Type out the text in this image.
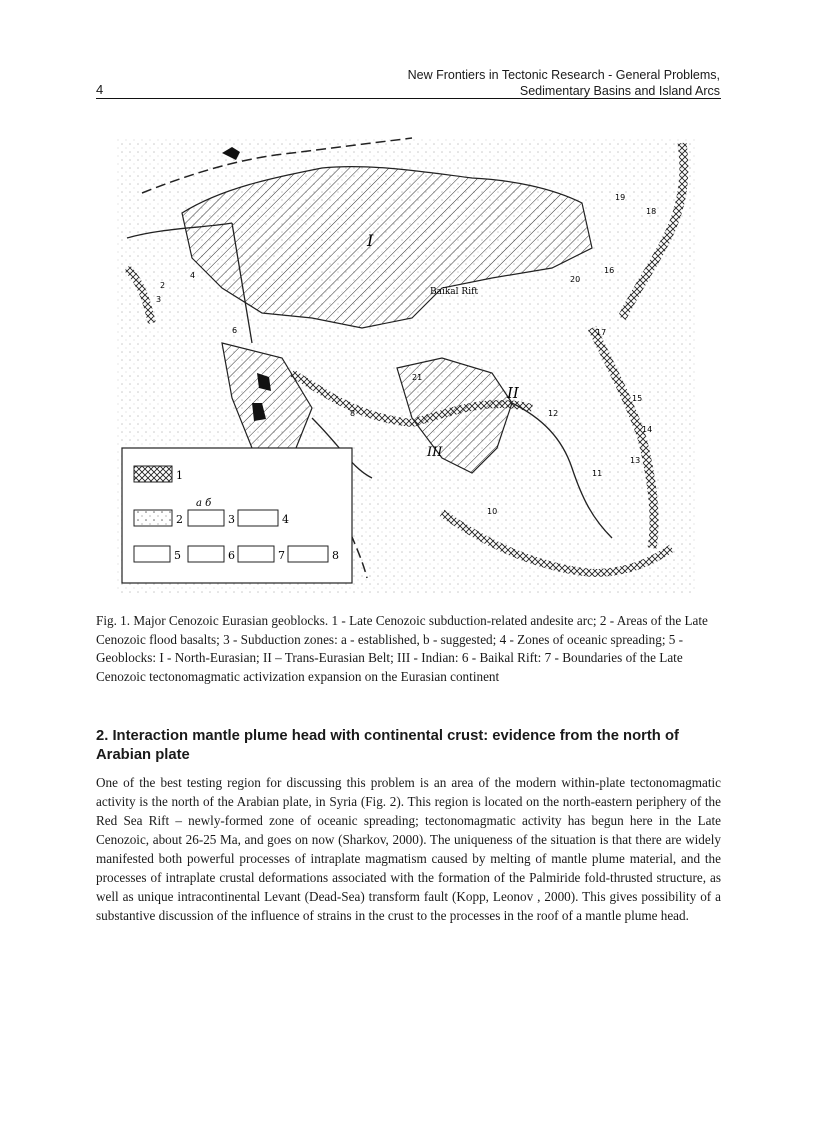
New Frontiers in Tectonic Research - General Problems,
Sedimentary Basins and Island Arcs
4
1
2	3
a б
4
5	6	7	8
Baikal Rift
I
II
III
2
3
4
6
8
10
11
12
13
14
15
16
17
18
19
20
21
Fig. 1. Major Cenozoic Eurasian geoblocks. 1 - Late Cenozoic subduction-related andesite arc; 2 - Areas of the Late Cenozoic flood basalts; 3 - Subduction zones: a - established, b - suggested; 4 - Zones of oceanic spreading; 5 - Geoblocks: I - North-Eurasian; II – Trans-Eurasian Belt; III - Indian: 6 - Baikal Rift: 7 - Boundaries of the Late Cenozoic tectonomagmatic activization expansion on the Eurasian continent
2. Interaction mantle plume head with continental crust: evidence from the north of Arabian plate
One of the best testing region for discussing this problem is an area of the modern within-plate tectonomagmatic activity is the north of the Arabian plate, in Syria (Fig. 2). This region is located on the north-eastern periphery of the Red Sea Rift – newly-formed zone of oceanic spreading; tectonomagmatic activity has begun here in the Late Cenozoic, about 26-25 Ma, and goes on now (Sharkov, 2000). The uniqueness of the situation is that there are widely manifested both powerful processes of intraplate magmatism caused by melting of mantle plume material, and the processes of intraplate crustal deformations associated with the formation of the Palmiride fold-thrusted structure, as well as unique intracontinental Levant (Dead-Sea) transform fault (Kopp, Leonov , 2000). This gives possibility of a substantive discussion of the influence of strains in the crust to the processes in the roof of a mantle plume head.
